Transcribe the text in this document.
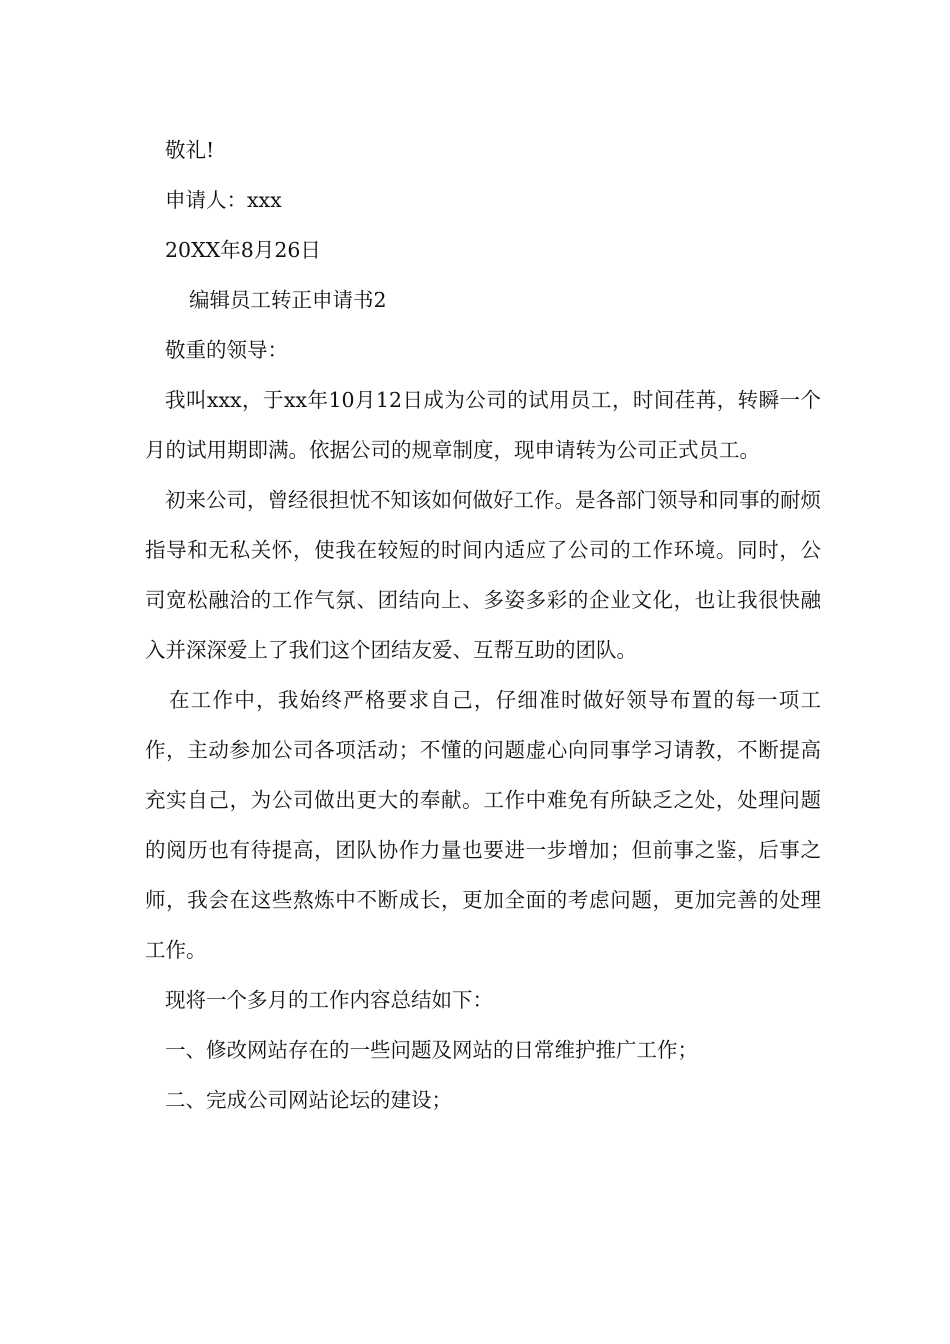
敬礼!

申请人：xxx

20XX年8月26日

编辑员工转正申请书2

敬重的领导：

我叫xxx，于xx年10月12日成为公司的试用员工，时间荏苒，转瞬一个月的试用期即满。依据公司的规章制度，现申请转为公司正式员工。

初来公司，曾经很担忧不知该如何做好工作。是各部门领导和同事的耐烦指导和无私关怀，使我在较短的时间内适应了公司的工作环境。同时，公司宽松融洽的工作气氛、团结向上、多姿多彩的企业文化，也让我很快融入并深深爱上了我们这个团结友爱、互帮互助的团队。

在工作中，我始终严格要求自己，仔细准时做好领导布置的每一项工作，主动参加公司各项活动；不懂的问题虚心向同事学习请教，不断提高充实自己，为公司做出更大的奉献。工作中难免有所缺乏之处，处理问题的阅历也有待提高，团队协作力量也要进一步增加；但前事之鉴，后事之师，我会在这些熬炼中不断成长，更加全面的考虑问题，更加完善的处理工作。

现将一个多月的工作内容总结如下：

一、修改网站存在的一些问题及网站的日常维护推广工作；

二、完成公司网站论坛的建设；
